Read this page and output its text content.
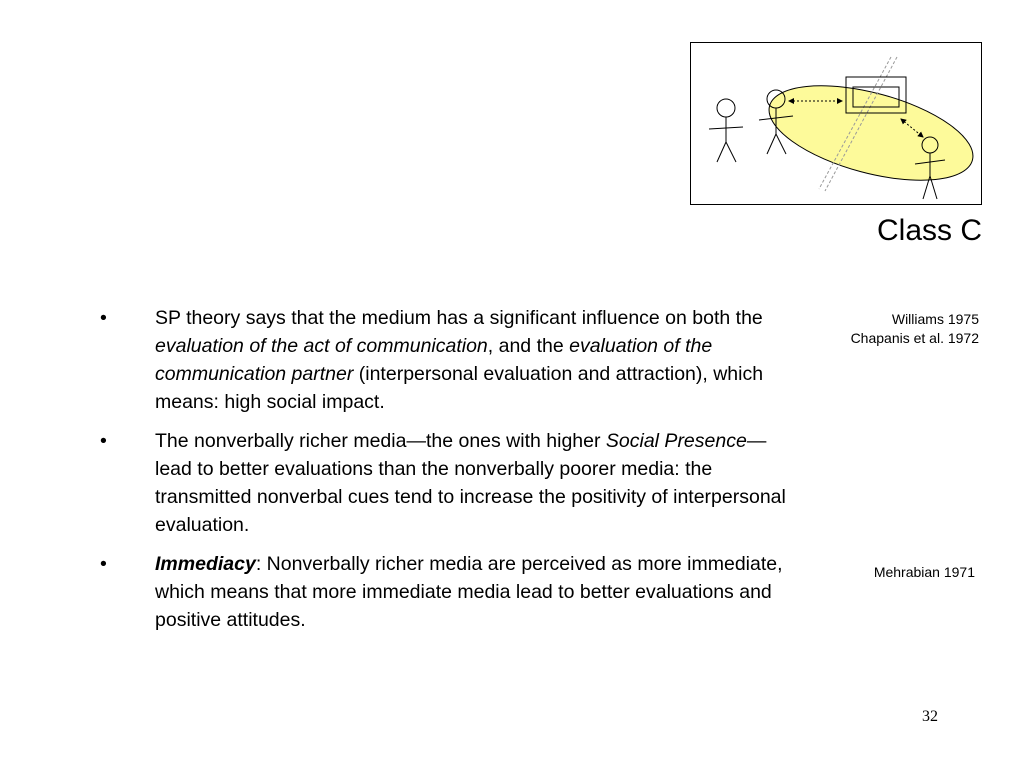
Class C
Williams 1975
Chapanis et al. 1972
Mehrabian 1971
• SP theory says that the medium has a significant influence on both the evaluation of the act of communication, and the evaluation of the communication partner (interpersonal evaluation and attraction), which means: high social impact.
• The nonverbally richer media—the ones with higher Social Presence—lead to better evaluations than the nonverbally poorer media: the transmitted nonverbal cues tend to increase the positivity of interpersonal evaluation.
• Immediacy: Nonverbally richer media are perceived as more immediate, which means that more immediate media lead to better evaluations and positive attitudes.
32
